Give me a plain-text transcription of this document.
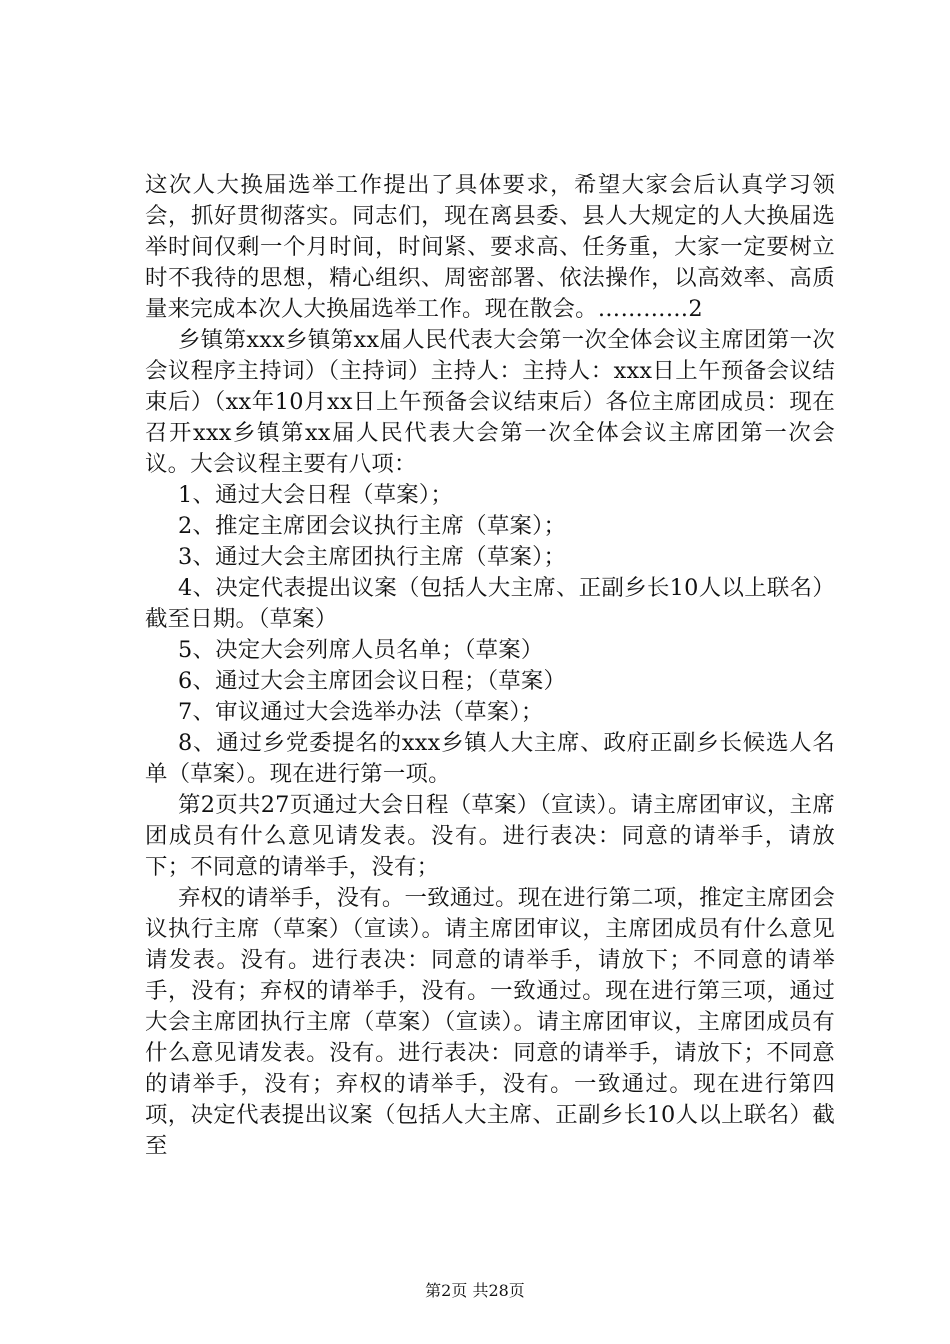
这次人大换届选举工作提出了具体要求，希望大家会后认真学习领会，抓好贯彻落实。同志们，现在离县委、县人大规定的人大换届选举时间仅剩一个月时间，时间紧、要求高、任务重，大家一定要树立时不我待的思想，精心组织、周密部署、依法操作，以高效率、高质量来完成本次人大换届选举工作。现在散会。…………2

乡镇第xxx乡镇第xx届人民代表大会第一次全体会议主席团第一次会议程序主持词）（主持词）主持人：主持人：xxx日上午预备会议结束后）（xx年10月xx日上午预备会议结束后）各位主席团成员：现在召开xxx乡镇第xx届人民代表大会第一次全体会议主席团第一次会议。大会议程主要有八项：

1、通过大会日程（草案）；

2、推定主席团会议执行主席（草案）；

3、通过大会主席团执行主席（草案）；

4、决定代表提出议案（包括人大主席、正副乡长10人以上联名）截至日期。（草案）

5、决定大会列席人员名单；（草案）

6、通过大会主席团会议日程；（草案）

7、审议通过大会选举办法（草案）；

8、通过乡党委提名的xxx乡镇人大主席、政府正副乡长候选人名单（草案）。现在进行第一项。

第2页共27页通过大会日程（草案）（宣读）。请主席团审议，主席团成员有什么意见请发表。没有。进行表决：同意的请举手，请放下；不同意的请举手，没有；

弃权的请举手，没有。一致通过。现在进行第二项，推定主席团会议执行主席（草案）（宣读）。请主席团审议，主席团成员有什么意见请发表。没有。进行表决：同意的请举手，请放下；不同意的请举手，没有；弃权的请举手，没有。一致通过。现在进行第三项，通过大会主席团执行主席（草案）（宣读）。请主席团审议，主席团成员有什么意见请发表。没有。进行表决：同意的请举手，请放下；不同意的请举手，没有；弃权的请举手，没有。一致通过。现在进行第四项，决定代表提出议案（包括人大主席、正副乡长10人以上联名）截至

第2页 共28页
